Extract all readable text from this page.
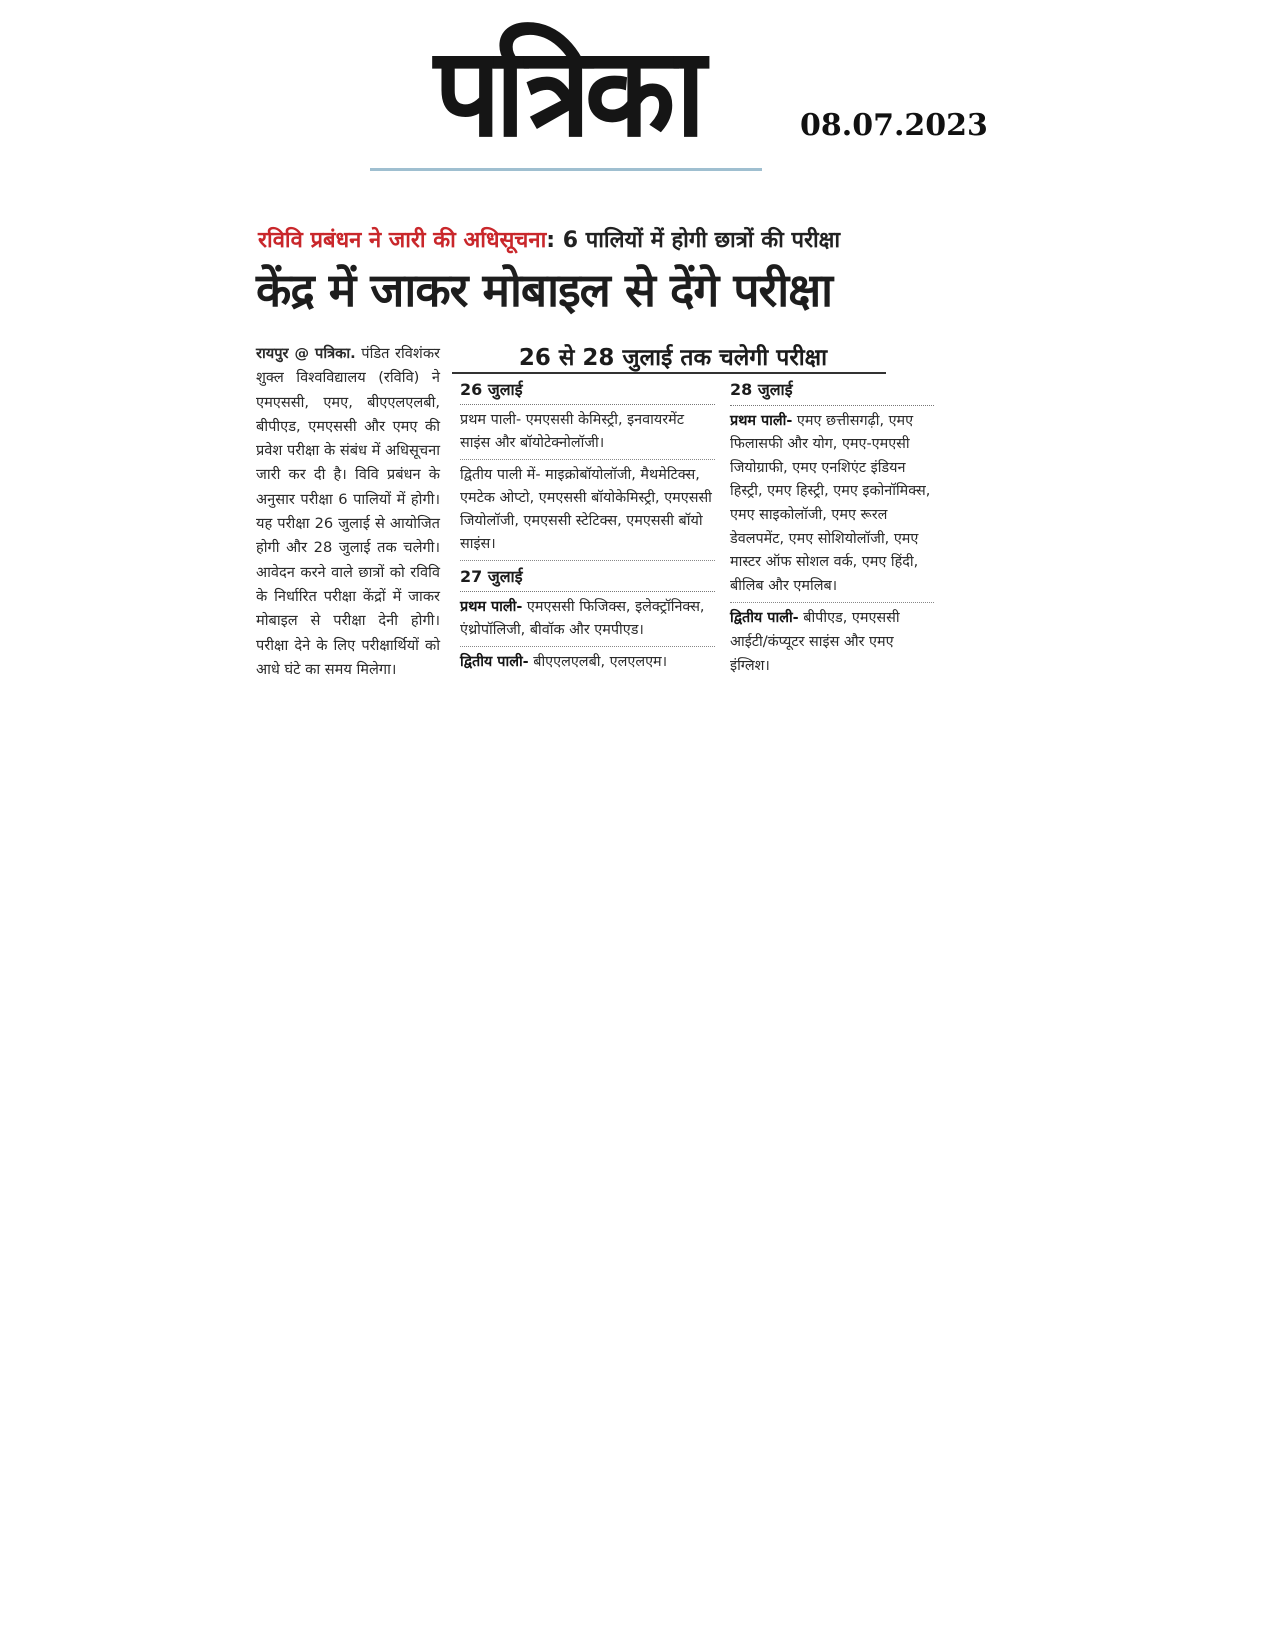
पत्रिका	08.07.2023
रविवि प्रबंधन ने जारी की अधिसूचना: 6 पालियों में होगी छात्रों की परीक्षा
केंद्र में जाकर मोबाइल से देंगे परीक्षा
रायपुर @ पत्रिका. पंडित रविशंकर शुक्ल विश्वविद्यालय (रविवि) ने एमएससी, एमए, बीएएलएलबी, बीपीएड, एमएससी और एमए की प्रवेश परीक्षा के संबंध में अधिसूचना जारी कर दी है। विवि प्रबंधन के अनुसार परीक्षा 6 पालियों में होगी। यह परीक्षा 26 जुलाई से आयोजित होगी और 28 जुलाई तक चलेगी। आवेदन करने वाले छात्रों को रविवि के निर्धारित परीक्षा केंद्रों में जाकर मोबाइल से परीक्षा देनी होगी। परीक्षा देने के लिए परीक्षार्थियों को आधे घंटे का समय मिलेगा।
26 से 28 जुलाई तक चलेगी परीक्षा
26 जुलाई
प्रथम पाली- एमएससी केमिस्ट्री, इनवायरमेंट साइंस और बॉयोटेक्नोलॉजी।
द्वितीय पाली में- माइक्रोबॉयोलॉजी, मैथमेटिक्स, एमटेक ओप्टो, एमएससी बॉयोकेमिस्ट्री, एमएससी जियोलॉजी, एमएससी स्टेटिक्स, एमएससी बॉयो साइंस।
27 जुलाई
प्रथम पाली- एमएससी फिजिक्स, इलेक्ट्रॉनिक्स, एंथ्रोपॉलिजी, बीवॉक और एमपीएड।
द्वितीय पाली- बीएएलएलबी, एलएलएम।
28 जुलाई
प्रथम पाली- एमए छत्तीसगढ़ी, एमए फिलासफी और योग, एमए-एमएसी जियोग्राफी, एमए एनशिएंट इंडियन हिस्ट्री, एमए हिस्ट्री, एमए इकोनॉमिक्स, एमए साइकोलॉजी, एमए रूरल डेवलपमेंट, एमए सोशियोलॉजी, एमए मास्टर ऑफ सोशल वर्क, एमए हिंदी, बीलिब और एमलिब।
द्वितीय पाली- बीपीएड, एमएससी आईटी/कंप्यूटर साइंस और एमए इंग्लिश।
